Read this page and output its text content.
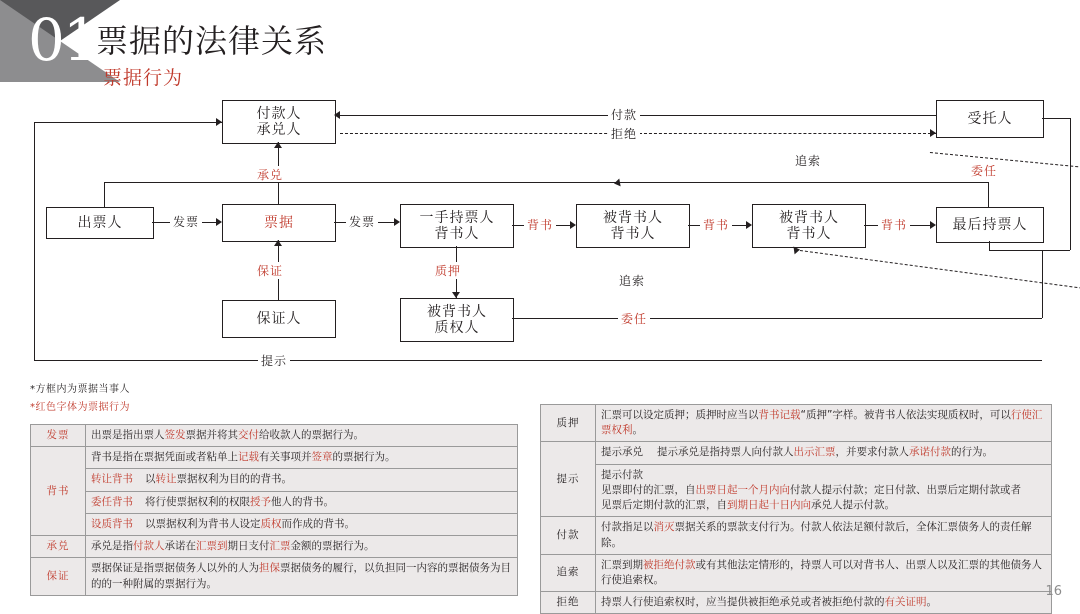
01
票据的法律关系
票据行为
付款人
承兑人
受托人
出票人	票据	一手持票人
背书人
被背书人
背书人
被背书人
背书人
最后持票人
保证人	被背书人
质权人
付款
拒绝
追索
委任
承兑
发票	发票	背书	背书	背书
保证	质押
追索
委任
提示
*方框内为票据当事人
*红色字体为票据行为
发票	出票是指出票人签发票据并将其交付给收款人的票据行为。
背书	背书是指在票据凭面或者粘单上记载有关事项并签章的票据行为。
	转让背书 以转让票据权利为目的的背书。
	委任背书 将行使票据权利的权限授予他人的背书。
	设质背书 以票据权利为背书人设定质权而作成的背书。
承兑	承兑是指付款人承诺在汇票到期日支付汇票金额的票据行为。
保证	票据保证是指票据债务人以外的人为担保票据债务的履行，以负担同一内容的票据债务为目的的一种附属的票据行为。
质押	汇票可以设定质押；质押时应当以背书记载“质押”字样。被背书人依法实现质权时，可以行使汇票权利。
提示	提示承兑 提示承兑是指持票人向付款人出示汇票，并要求付款人承诺付款的行为。
	提示付款见票即付的汇票，自出票日起一个月内向付款人提示付款；定日付款、出票后定期付款或者见票后定期付款的汇票，自到期日起十日内向承兑人提示付款。
付款	付款指足以消灭票据关系的票款支付行为。付款人依法足额付款后，全体汇票债务人的责任解除。
追索	汇票到期被拒绝付款或有其他法定情形的，持票人可以对背书人、出票人以及汇票的其他债务人行使追索权。
拒绝	持票人行使追索权时，应当提供被拒绝承兑或者被拒绝付款的有关证明。
16
